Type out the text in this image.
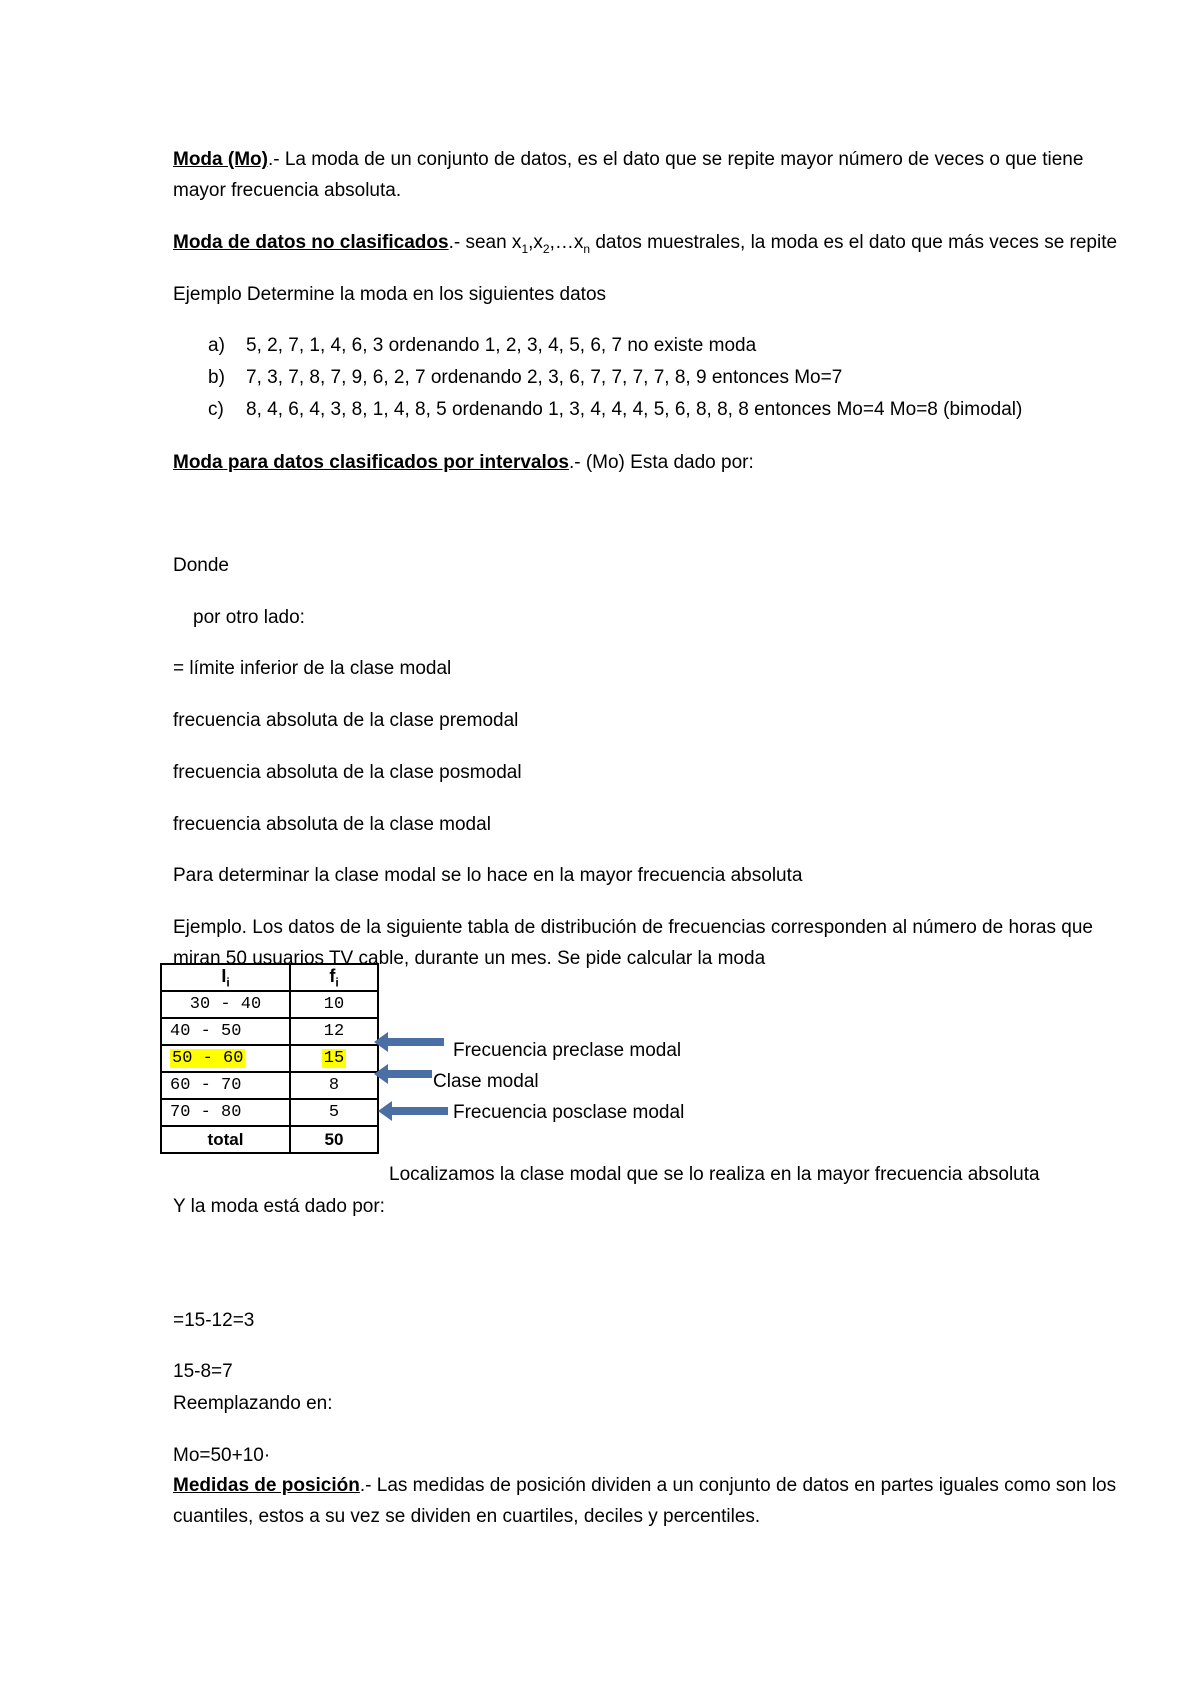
Moda (Mo).- La moda de un conjunto de datos, es el dato que se repite mayor número de veces o que tiene
mayor frecuencia absoluta.
Moda de datos no clasificados.- sean $x_1,x_2,\dots x_n$ datos muestrales, la moda es el dato que más veces se repite
Ejemplo Determine la moda en los siguientes datos
a) 5, 2, 7, 1, 4, 6, 3 ordenando 1, 2, 3, 4, 5, 6, 7 no existe moda
b) 7, 3, 7, 8, 7, 9, 6, 2, 7 ordenando 2, 3, 6, 7, 7, 7, 7, 8, 9 entonces Mo=7
c) 8, 4, 6, 4, 3, 8, 1, 4, 8, 5 ordenando 1, 3, 4, 4, 4, 5, 6, 8, 8, 8 entonces Mo=4 Mo=8 (bimodal)
Moda para datos clasificados por intervalos.- (Mo) Esta dado por:
Donde
por otro lado:
= límite inferior de la clase modal
frecuencia absoluta de la clase premodal
frecuencia absoluta de la clase posmodal
frecuencia absoluta de la clase modal
Para determinar la clase modal se lo hace en la mayor frecuencia absoluta
Ejemplo. Los datos de la siguiente tabla de distribución de frecuencias corresponden al número de horas que
miran 50 usuarios TV cable, durante un mes. Se pide calcular la moda
$I_i$	$f_i$
30 - 40	10
40 - 50	12
50 - 60	15
60 - 70	8
70 - 80	5
total	50
Frecuencia preclase modal
Clase modal
Frecuencia posclase modal
Localizamos la clase modal que se lo realiza en la mayor frecuencia absoluta
Y la moda está dado por:
=15-12=3
15-8=7
Reemplazando en:
Mo=50+10·
Medidas de posición.- Las medidas de posición dividen a un conjunto de datos en partes iguales como son los
cuantiles, estos a su vez se dividen en cuartiles, deciles y percentiles.
